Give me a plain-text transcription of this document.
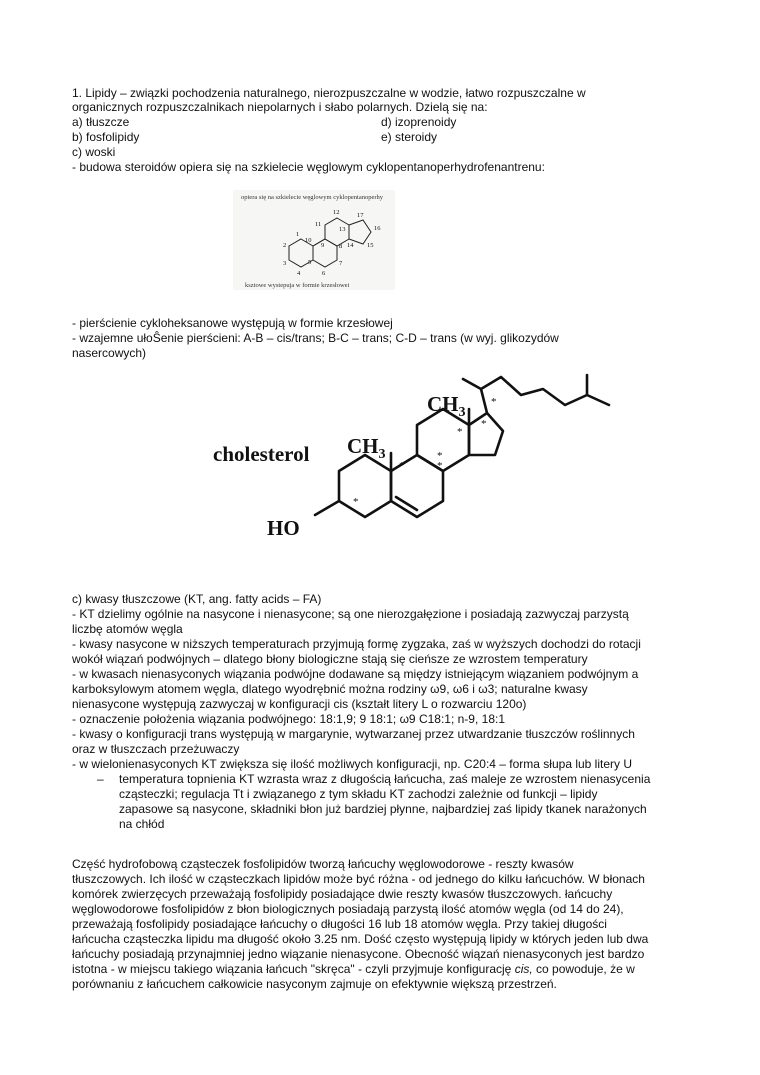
1. Lipidy – związki pochodzenia naturalnego, nierozpuszczalne w wodzie, łatwo rozpuszczalne w

organicznych rozpuszczalnikach niepolarnych i słabo polarnych. Dzielą się na:

a) tłuszcze

b) fosfolipidy

c) woski

d) izoprenoidy

e) steroidy

- budowa steroidów opiera się na szkielecie węglowym cyklopentanoperhydrofenantrenu:

opiera się na szkielecie węglowym cyklopentanoperhy
1
2
3
4
5
6
7
8
9
10
11
12
13
14 15
16
17
ksztowe wystepuja w formie krzesłowei

- pierścienie cykloheksanowe występują w formie krzesłowej

- wzajemne ułoŜenie pierścieni: A-B – cis/trans; B-C – trans; C-D – trans (w wyj. glikozydów

nasercowych)

*
*	*
*
*
*
*
cholesterol $CH_3$
$CH_3$
HO

c) kwasy tłuszczowe (KT, ang. fatty acids – FA)

- KT dzielimy ogólnie na nasycone i nienasycone; są one nierozgałęzione i posiadają zazwyczaj parzystą

liczbę atomów węgla

- kwasy nasycone w niższych temperaturach przyjmują formę zygzaka, zaś w wyższych dochodzi do rotacji

wokół wiązań podwójnych – dlatego błony biologiczne stają się cieńsze ze wzrostem temperatury

- w kwasach nienasyconych wiązania podwójne dodawane są między istniejącym wiązaniem podwójnym a

karboksylowym atomem węgla, dlatego wyodrębnić można rodziny ω9, ω6 i ω3; naturalne kwasy

nienasycone występują zazwyczaj w konfiguracji cis (kształt litery L o rozwarciu 120o)

- oznaczenie położenia wiązania podwójnego: 18:1,9; 9 18:1; ω9 C18:1; n-9, 18:1

- kwasy o konfiguracji trans występują w margarynie, wytwarzanej przez utwardzanie tłuszczów roślinnych

oraz w tłuszczach przeżuwaczy

- w wielonienasyconych KT zwiększa się ilość możliwych konfiguracji, np. C20:4 – forma słupa lub litery U

– temperatura topnienia KT wzrasta wraz z długością łańcucha, zaś maleje ze wzrostem nienasycenia

cząsteczki; regulacja Tt i związanego z tym składu KT zachodzi zależnie od funkcji – lipidy

zapasowe są nasycone, składniki błon już bardziej płynne, najbardziej zaś lipidy tkanek narażonych

na chłód

Część hydrofobową cząsteczek fosfolipidów tworzą łańcuchy węglowodorowe - reszty kwasów

tłuszczowych. Ich ilość w cząsteczkach lipidów może być różna - od jednego do kilku łańcuchów. W błonach

komórek zwierzęcych przeważają fosfolipidy posiadające dwie reszty kwasów tłuszczowych. łańcuchy

węglowodorowe fosfolipidów z błon biologicznych posiadają parzystą ilość atomów węgla (od 14 do 24),

przeważają fosfolipidy posiadające łańcuchy o długości 16 lub 18 atomów węgla. Przy takiej długości

łańcucha cząsteczka lipidu ma długość około 3.25 nm. Dość często występują lipidy w których jeden lub dwa

łańcuchy posiadają przynajmniej jedno wiązanie nienasycone. Obecność wiązań nienasyconych jest bardzo

istotna - w miejscu takiego wiązania łańcuch "skręca" - czyli przyjmuje konfigurację cis, co powoduje, że w

porównaniu z łańcuchem całkowicie nasyconym zajmuje on efektywnie większą przestrzeń.
